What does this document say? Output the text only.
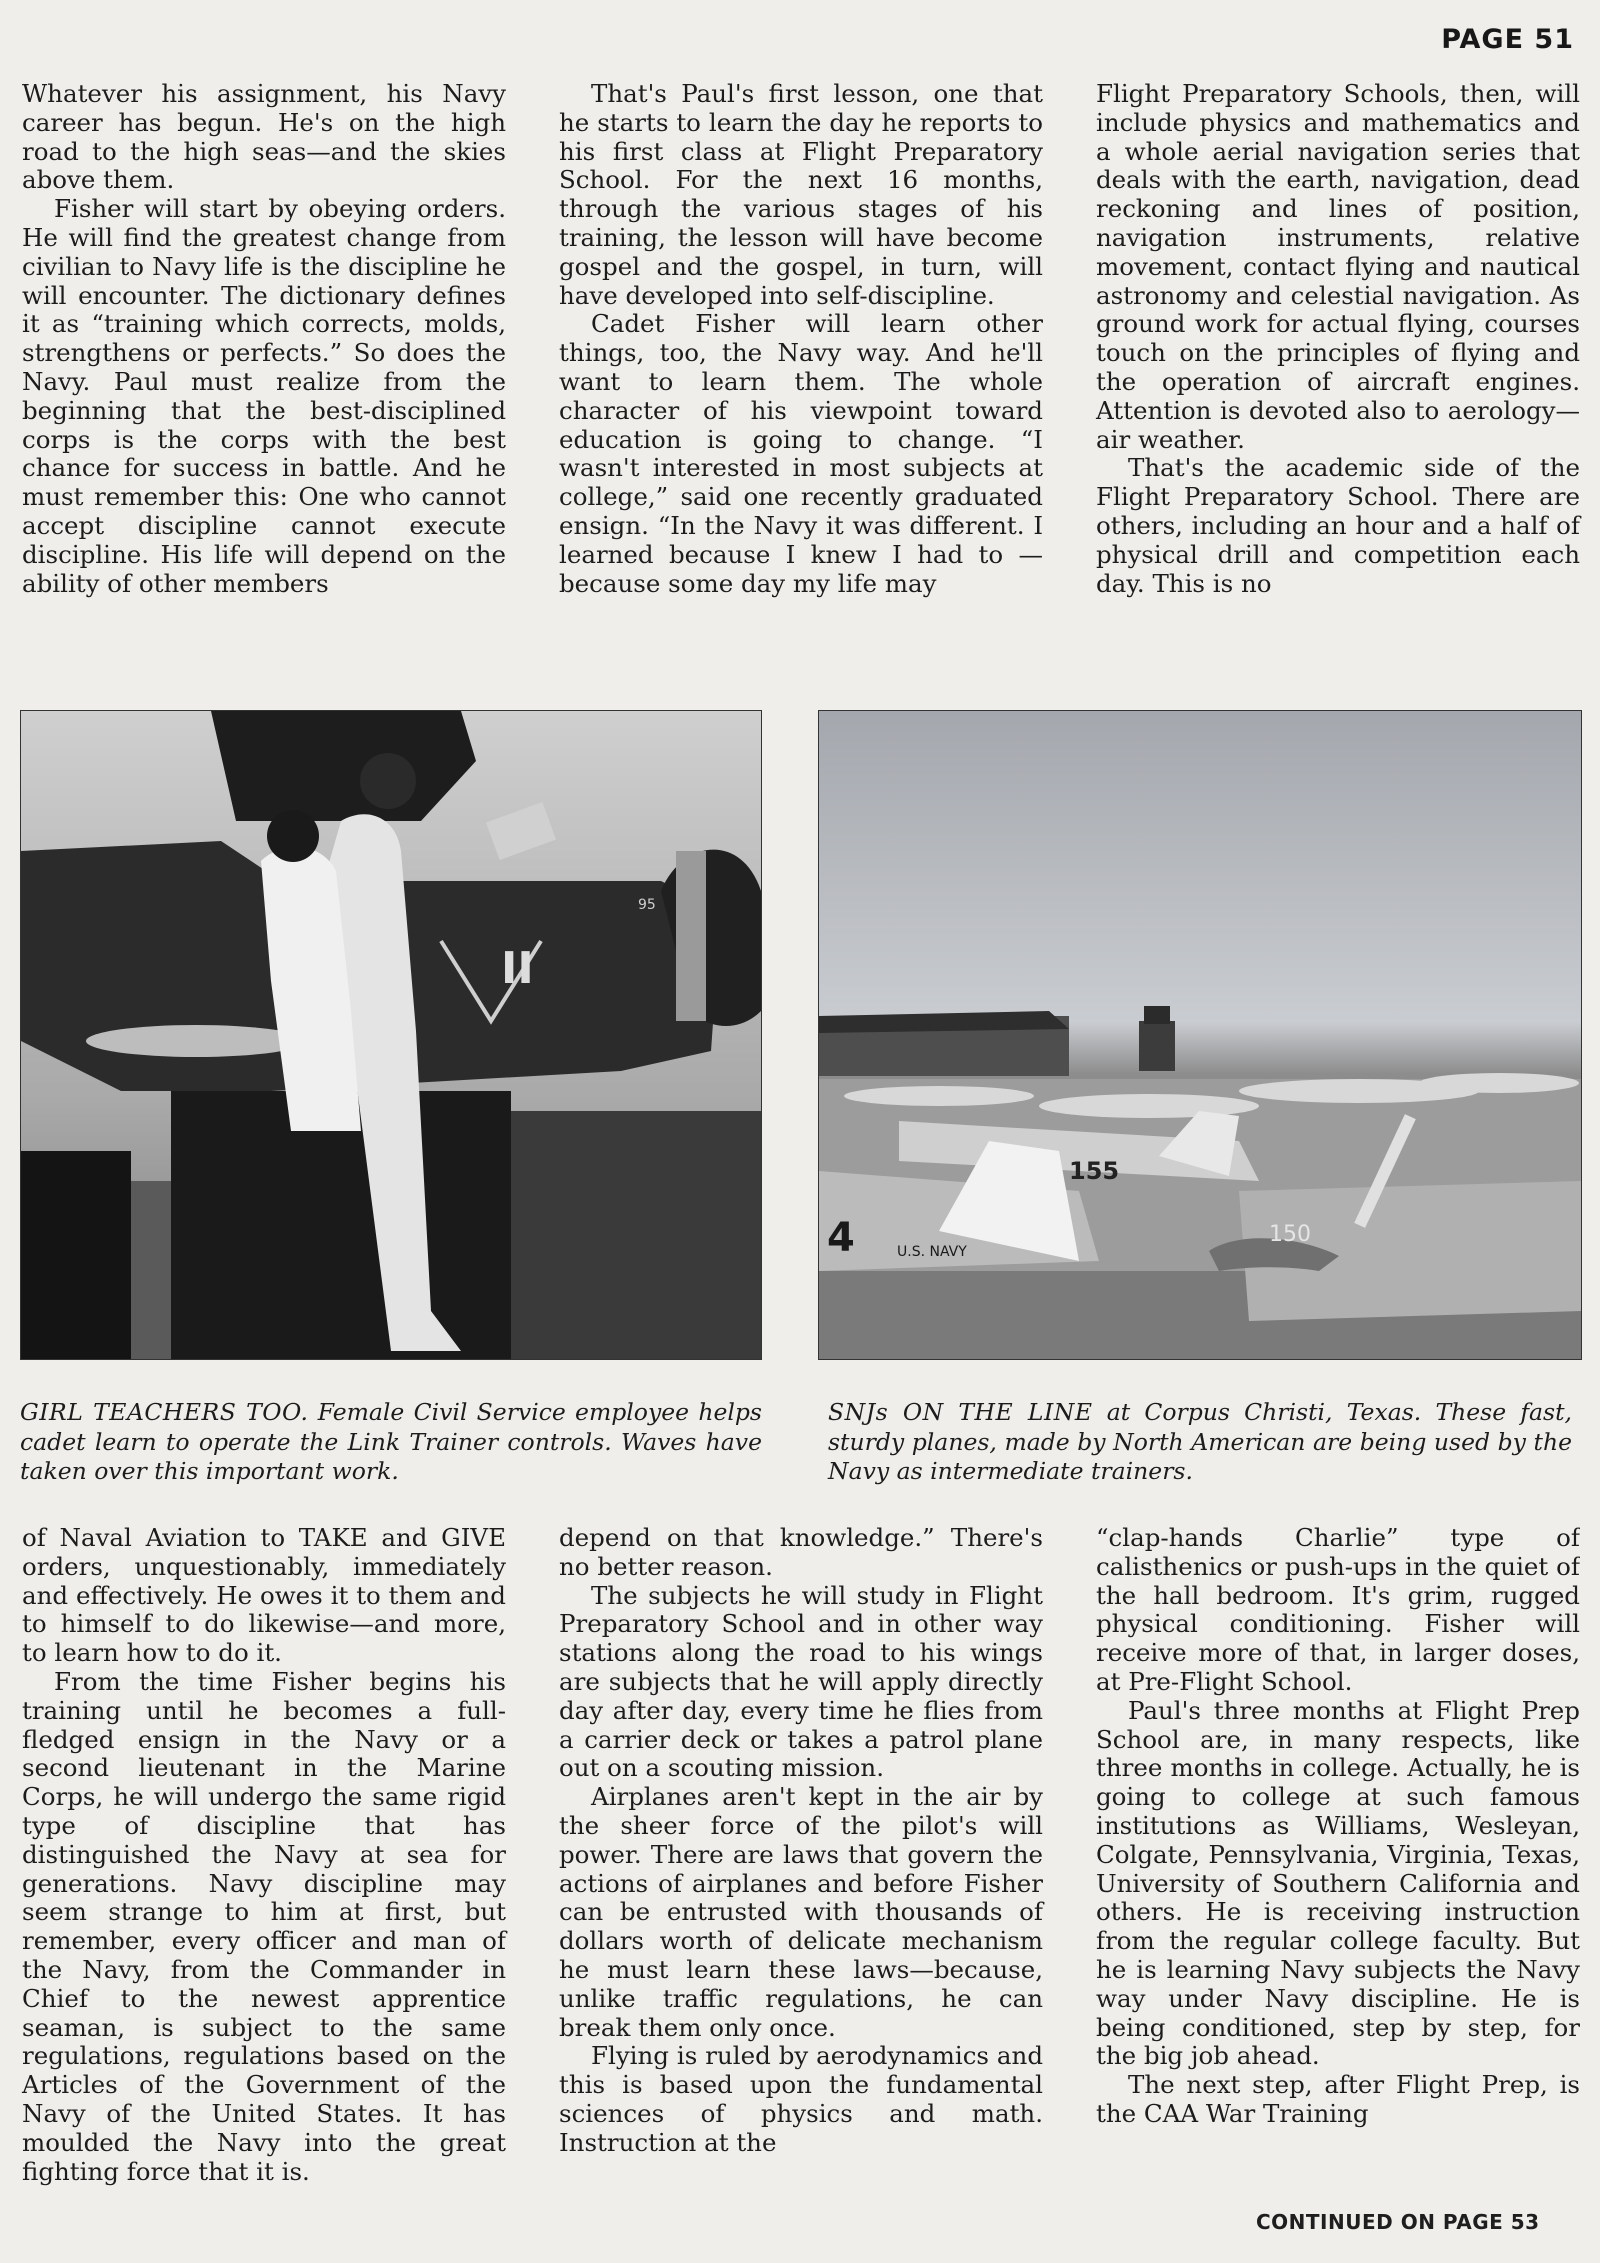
PAGE 51

Whatever his assignment, his Navy career has begun. He's on the high road to the high seas—and the skies above them.

Fisher will start by obeying orders. He will find the greatest change from civilian to Navy life is the discipline he will encounter. The dictionary defines it as “training which corrects, molds, strengthens or perfects.” So does the Navy. Paul must realize from the beginning that the best-disciplined corps is the corps with the best chance for success in battle. And he must remember this: One who cannot accept discipline cannot execute discipline. His life will depend on the ability of other members

That's Paul's first lesson, one that he starts to learn the day he reports to his first class at Flight Preparatory School. For the next 16 months, through the various stages of his training, the lesson will have become gospel and the gospel, in turn, will have developed into self-discipline.

Cadet Fisher will learn other things, too, the Navy way. And he'll want to learn them. The whole character of his viewpoint toward education is going to change. “I wasn't interested in most subjects at college,” said one recently graduated ensign. “In the Navy it was different. I learned because I knew I had to —because some day my life may

Flight Preparatory Schools, then, will include physics and mathematics and a whole aerial navigation series that deals with the earth, navigation, dead reckoning and lines of position, navigation instruments, relative movement, contact flying and nautical astronomy and celestial navigation. As ground work for actual flying, courses touch on the principles of flying and the operation of aircraft engines. Attention is devoted also to aerology—air weather.

That's the academic side of the Flight Preparatory School. There are others, including an hour and a half of physical drill and competition each day. This is no

II
95
155
4	U.S. NAVY
150
GIRL TEACHERS TOO. Female Civil Service employee helps cadet learn to operate the Link Trainer controls. Waves have taken over this important work.
SNJs ON THE LINE at Corpus Christi, Texas. These fast, sturdy planes, made by North American are being used by the Navy as intermediate trainers.

of Naval Aviation to TAKE and GIVE orders, unquestionably, immediately and effectively. He owes it to them and to himself to do likewise—and more, to learn how to do it.

From the time Fisher begins his training until he becomes a full-fledged ensign in the Navy or a second lieutenant in the Marine Corps, he will undergo the same rigid type of discipline that has distinguished the Navy at sea for generations. Navy discipline may seem strange to him at first, but remember, every officer and man of the Navy, from the Commander in Chief to the newest apprentice seaman, is subject to the same regulations, regulations based on the Articles of the Government of the Navy of the United States. It has moulded the Navy into the great fighting force that it is.

depend on that knowledge.” There's no better reason.

The subjects he will study in Flight Preparatory School and in other way stations along the road to his wings are subjects that he will apply directly day after day, every time he flies from a carrier deck or takes a patrol plane out on a scouting mission.

Airplanes aren't kept in the air by the sheer force of the pilot's will power. There are laws that govern the actions of airplanes and before Fisher can be entrusted with thousands of dollars worth of delicate mechanism he must learn these laws—because, unlike traffic regulations, he can break them only once.

Flying is ruled by aerodynamics and this is based upon the fundamental sciences of physics and math. Instruction at the

“clap-hands Charlie” type of calisthenics or push-ups in the quiet of the hall bedroom. It's grim, rugged physical conditioning. Fisher will receive more of that, in larger doses, at Pre-Flight School.

Paul's three months at Flight Prep School are, in many respects, like three months in college. Actually, he is going to college at such famous institutions as Williams, Wesleyan, Colgate, Pennsylvania, Virginia, Texas, University of Southern California and others. He is receiving instruction from the regular college faculty. But he is learning Navy subjects the Navy way under Navy discipline. He is being conditioned, step by step, for the big job ahead.

The next step, after Flight Prep, is the CAA War Training

CONTINUED ON PAGE 53
